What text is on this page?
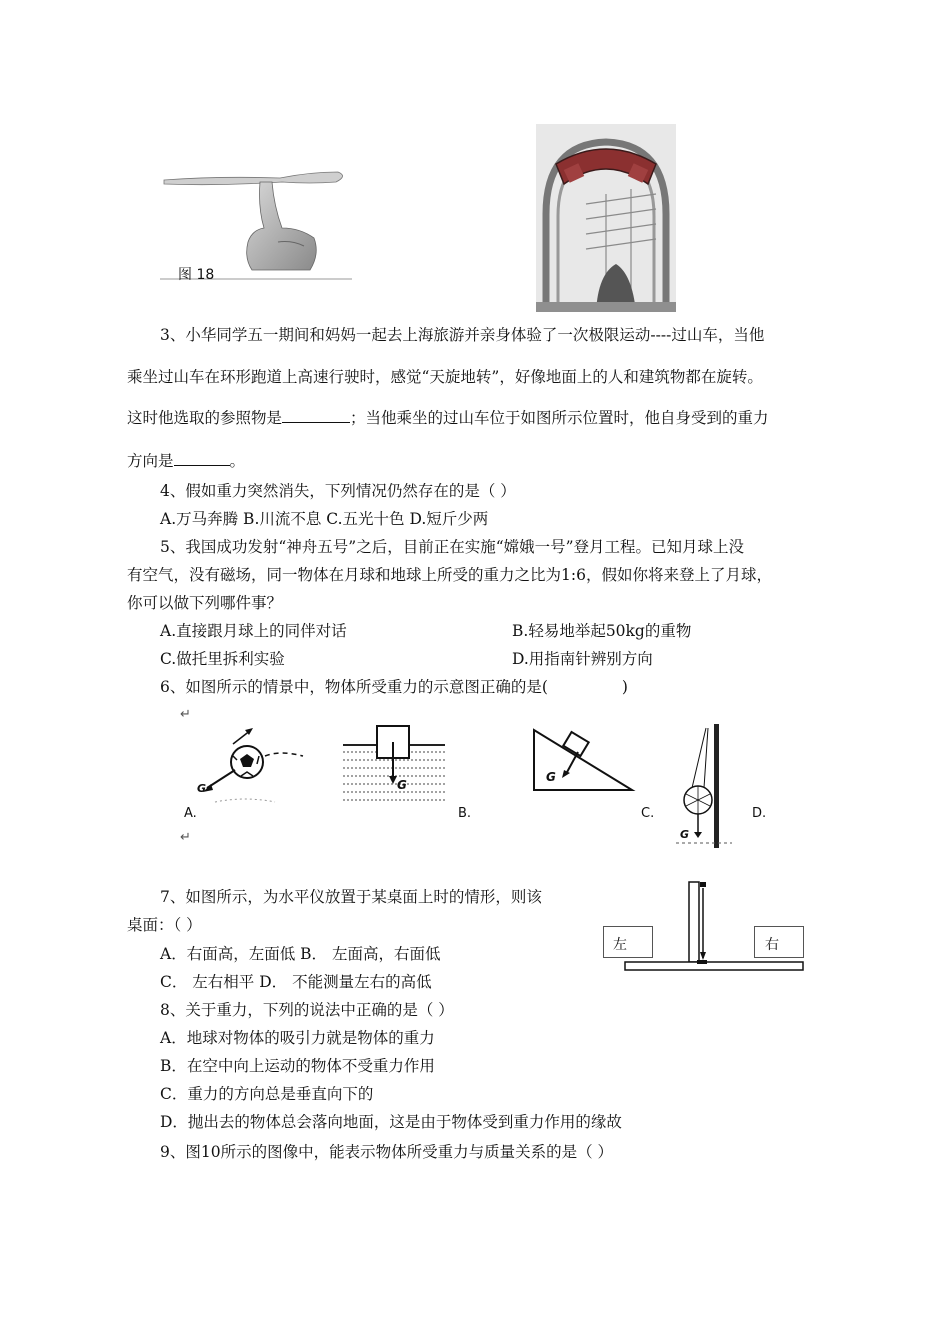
图 18
3、小华同学五一期间和妈妈一起去上海旅游并亲身体验了一次极限运动----过山车，当他
乘坐过山车在环形跑道上高速行驶时，感觉“天旋地转”，好像地面上的人和建筑物都在旋转。
这时他选取的参照物是	；当他乘坐的过山车位于如图所示位置时，他自身受到的重力
方向是	。
4、假如重力突然消失，下列情况仍然存在的是（ ）
A.万马奔腾 B.川流不息 C.五光十色 D.短斤少两
5、我国成功发射“神舟五号”之后，目前正在实施“嫦娥一号”登月工程。已知月球上没
有空气，没有磁场，同一物体在月球和地球上所受的重力之比为1:6，假如你将来登上了月球，
你可以做下列哪件事？
A.直接跟月球上的同伴对话	B.轻易地举起50kg的重物
C.做托里拆利实验	D.用指南针辨别方向
6、如图所示的情景中，物体所受重力的示意图正确的是(	)
↵
G
A.
G
B.
G
C.
G
D.
↵
7、如图所示，为水平仪放置于某桌面上时的情形，则该
桌面：（ ）
A．右面高，左面低 B． 左面高，右面低
C． 左右相平 D． 不能测量左右的高低
左	右
8、关于重力，下列的说法中正确的是（ ）
A．地球对物体的吸引力就是物体的重力
B．在空中向上运动的物体不受重力作用
C．重力的方向总是垂直向下的
D．抛出去的物体总会落向地面，这是由于物体受到重力作用的缘故
9、图10所示的图像中，能表示物体所受重力与质量关系的是（ ）
